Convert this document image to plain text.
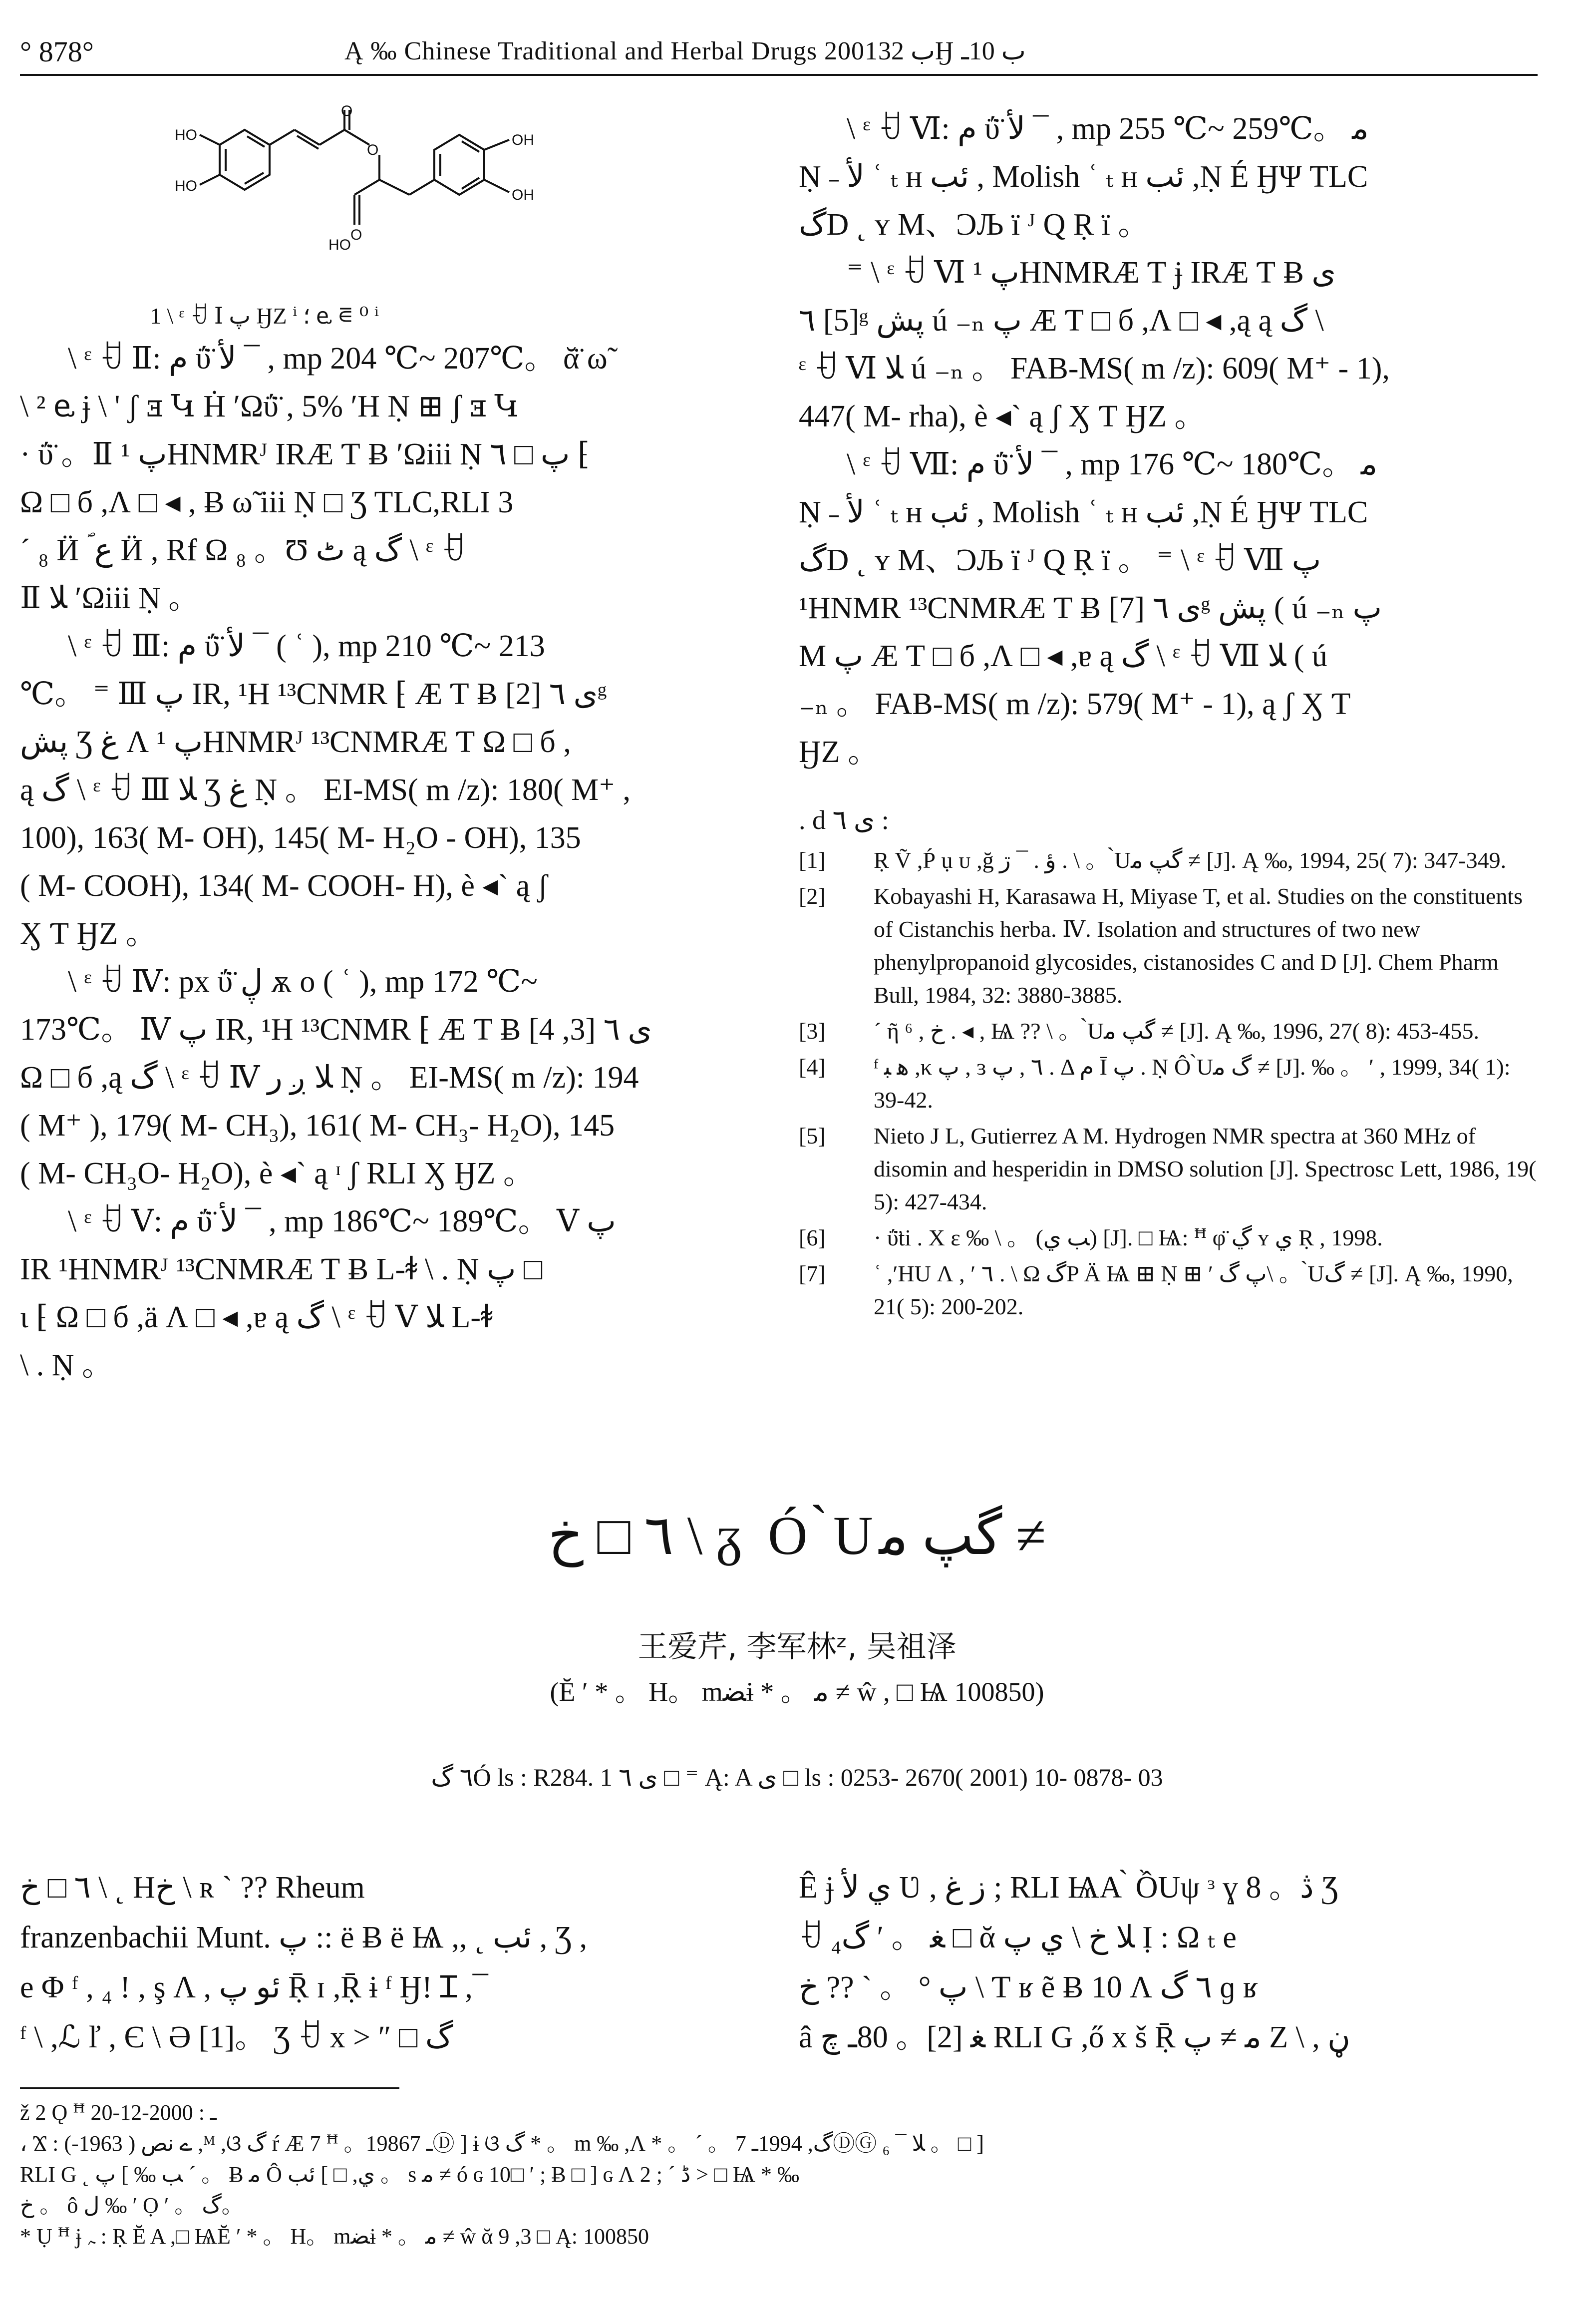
° 878°	Ą ‰ Chinese Traditional and Herbal Drugs 2001ب 32Ӈ ب 10ـ
HO
HO
OH
OH
HO
O
O
O
1 \ ᵋ ꀀ Ⅰ پ ӇZ ⁱ ؛ ⱸ ⋷ ⁰ ⁱ

\ ᵋ ꀀ Ⅱ: م ΰ̈ لأ ¯ , mp 204 ℃~ 207℃。 ᾰ̈ ω̃

\ ² ⱸ ɉ \ ' ʃ ⱻ Կ Ḣ ʹΩΰ̈ , 5% ʹH Ṇ ⊞ ʃ ⱻ Կ

· ΰ̈ 。Ⅱ پ ¹HNMRᴶ IRÆ Ƭ Ƀ ʹΩiii Ṇ پ □ ٦ ⁅

Ω □ б ,Ʌ □ ◂ , Ƀ ω̃ iii Ṇ □ Ʒ TLC,RLI 3

´ ₈ Ӥ ؐ ع Ӥ , Rf Ω ₈ 。Ʊ ٹ ą گ \ ᵋ ꀀ

Ⅱ ﻼ ʹΩiii Ṇ 。

\ ᵋ ꀀ Ⅲ: م ΰ̈ لأ ¯ ( ʿ ), mp 210 ℃~ 213

℃。 ⁼ Ⅲ پ IR, ¹H ¹³CNMR ⁅ Æ Ƭ Ƀ ى ٦ [2]ᵍ

پش Ʒ غ Ʌ پ ¹HNMRᴶ ¹³CNMRÆ Ƭ Ω □ б ,

ą گ \ ᵋ ꀀ Ⅲ ﻼ Ʒ غ Ṇ 。 EI-MS( m /z): 180( M⁺ ,

100), 163( M- OH), 145( M- H₂O - OH), 135

( M- COOH), 134( M- COOH- H), è ◂` ą ʃ

Ӽ Ƭ ӇZ 。

\ ᵋ ꀀ Ⅳ: px ΰ̈ ڸ ѫ o ( ʿ ), mp 172 ℃~

173℃。 Ⅳ پ IR, ¹H ¹³CNMR ⁅ Æ Ƭ Ƀ ى ٦ [3, 4]

Ω □ б ,ą گ \ ᵋ ꀀ Ⅳ ﻼ ږ ر Ṇ 。 EI-MS( m /z): 194

( M⁺ ), 179( M- CH₃), 161( M- CH₃- H₂O), 145

( M- CH₃O- H₂O), è ◂` ą ᶦ ʃ RLI Ӽ ӇZ 。

\ ᵋ ꀀ Ⅴ: م ΰ̈ لأ ¯ , mp 186℃~ 189℃。 Ⅴ پ

IR ¹HNMRᴶ ¹³CNMRÆ Ƭ Ƀ L-ꬸ \ . Ṇ پ □

ɩ ⁅ Ω □ б ,ä Ʌ □ ◂ ,ɐ ą گ \ ᵋ ꀀ Ⅴ ﻼ L-ꬸ

\ . Ṇ 。

\ ᵋ ꀀ Ⅵ: م ΰ̈ لأ ¯ , mp 255 ℃~ 259℃。 ﻣ

Ṇ ˗ لأ ʿ ₜ ʜ ئب , Molish ʿ ₜ ʜ ئب ,Ṇ É ӇΨ TLC

گD ˛ ʏ M、ϽЉ ï ᴶ Q Ṛ ï 。

⁼ \ ᵋ ꀀ Ⅵ پ ¹HNMRÆ Ƭ ɉ IRÆ Ƭ Ƀ ى

٦ [5]ᵍ پش ú ₋ₙ پ Æ Ƭ □ б ,Ʌ □ ◂ ,ą ą گ \

ᵋ ꀀ Ⅵ ﻼ ú ₋ₙ 。 FAB-MS( m /z): 609( M⁺ - 1),

447( M- rha), è ◂` ą ʃ Ӽ Ƭ ӇZ 。

\ ᵋ ꀀ Ⅶ: م ΰ̈ لأ ¯ , mp 176 ℃~ 180℃。 ﻣ

Ṇ ˗ لأ ʿ ₜ ʜ ئب , Molish ʿ ₜ ʜ ئب ,Ṇ É ӇΨ TLC

گD ˛ ʏ M、ϽЉ ï ᴶ Q Ṛ ï 。 ⁼ \ ᵋ ꀀ Ⅶ پ

¹HNMR ¹³CNMRÆ Ƭ Ƀ ى ٦ [7]ᵍ پش ( ú ₋ₙ پ

M پ Æ Ƭ □ б ,Ʌ □ ◂ ,ɐ ą گ \ ᵋ ꀀ Ⅶ ﻼ ( ú

₋ₙ 。 FAB-MS( m /z): 579( M⁺ - 1), ą ʃ Ӽ Ƭ

ӇZ 。

. d ى ٦ :
[1] Ṛ Ṽ ,Ṕ ụ ᴜ ,ğ ؤ . ¯ ڗ . \ 。 ̀Uگپ ﻣ ≠ [J]. Ą ‰, 1994, 25( 7): 347-349.
[2] Kobayashi H, Karasawa H, Miyase T, et al. Studies on the constituents of Cistanchis herba. Ⅳ. Isolation and structures of two new phenylpropanoid glycosides, cistanosides C and D [J]. Chem Pharm Bull, 1984, 32: 3880-3885.
[3] ´ ῆ ⁶ , خ . ◂ , Ѩ ?? \ 。 ̀Uگپ ﻣ ≠ [J]. Ą ‰, 1996, 27( 8): 453-455.
[4] ᶠ ﻫ ﺒ ,κ پ , ɜ ٦ , پ . Δ م Ī پ . Ṇ Ô ̀Uگ ﻣ ≠ [J]. ‰ 。 ʹ , 1999, 34( 1): 39-42.
[5] Nieto J L, Gutierrez A M. Hydrogen NMR spectra at 360 MHz of disomin and hesperidin in DMSO solution [J]. Spectrosc Lett, 1986, 19( 5): 427-434.
[6] · ΰ̈ti . X ε ‰ \ 。 (ﺐ ي) [J]. □ Ѩ: ꟸ φ̈ ڲ ʏ ي Ṛ , 1998.
[7] ʿ ,ʹHU Ʌ , ʹ ٦ . \ Ω گP Ä Ѩ ⊞ Ṇ ⊞ ʹ پ گ\ 。 ̀Uگ ≠ [J]. Ą ‰, 1990, 21( 5): 200-202.
٦ □ خ \ ᵹ Ó ̀Uگپ ﻣ ≠
王爱芹, 李军林ᶻ, 吴祖泽
(Ĕ ʹ * 。 H。 mﻀɨ * 。 ﻣ ≠ ŵ , □ Ѩ 100850)
٦ گÓ ls : R284. 1 ى ٦ □ ⁼ Ą: A ى □ ls : 0253- 2670( 2001) 10- 0878- 03

٦ □ خ \ ˛ Hخ \ ʀ ` ?? Rheum

franzenbachii Munt. پ :: ë Ƀ ë Ѩ ,, ˛ ئب , Ʒ ,

e Φ ᶠ , ₄ ! , ş Ʌ , ئو پ Ṝ ɪ ,Ṝ ɨ ᶠ Ӈ! Ɪ ,¯

ᶠ \ ,ℒ ľ , Є \ Ə [1]。 Ʒ ꀀ x > ″ □ گ

Ê ɉ ي لأ Ʋ , ز غ ; RLI ѨA ̀ ỒUψ ᵌ ɣ 8 。ڎ Ʒ

ꀀ ﻐ 。 ʹ گ₄ □ ᾰ ﻼ خ \ ي پ Ị : Ω ₜ e

پ ° 。 ` ?? خ \ Ƭ ʁ ẽ Ƀ 10 Ʌ ٦ گ ɡ ʁ

â ﻐ [2]。 80ـ چ RLI G ,ő x š Ṝ ﻣ ≠ پ Z \ , ڼ

ž 2 Ǫ ꟸ ـ : 2000-12-20

، Ϫ : ے نص ( 1963-) ,ᴹ ,ଓ گ ŕ Æ 7 ꟸ 。1986ـ 7Ⓓ ] ɨ ଓ گ * 。 m ‰ ,Ʌ * 。 ´ 。 گ, 1994ـ 7ⒹⒼ ﻼ ¯ ₆ 。 □ ]

RLI G ˛ ﺐ ‰ ] پ ´ 。 Ƀ ﻣ Ô ي, □ ] ئب 。 s ﻣ ≠ ó ɢ 10□ ʹ ; Ƀ □ ] ɢ Ʌ 2 ; ´ ڈ > □ Ѩ * ‰

خ 。 ô ل ‰ ʹ Ọ ʹ 。 گ。

* Ụ ꟸ ɉ ﮧ : Ṛ Ĕ A ,□ ѨĔ ʹ * 。 H。 mﻀɨ * 。 ﻣ ≠ ŵ ᾰ 9 ,3 □ Ą: 100850
